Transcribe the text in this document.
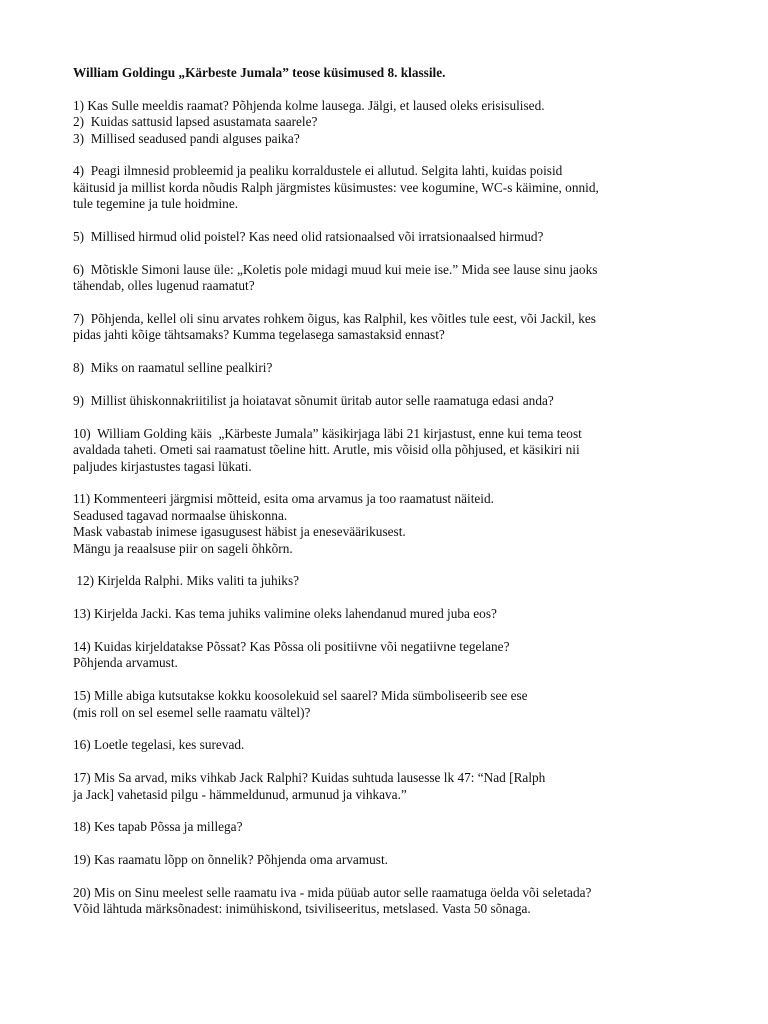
William Goldingu „Kärbeste Jumala” teose küsimused 8. klassile.
1) Kas Sulle meeldis raamat? Põhjenda kolme lausega. Jälgi, et laused oleks erisisulised.
2)  Kuidas sattusid lapsed asustamata saarele?
3)  Millised seadused pandi alguses paika?
4)  Peagi ilmnesid probleemid ja pealiku korraldustele ei allutud. Selgita lahti, kuidas poisid
käitusid ja millist korda nõudis Ralph järgmistes küsimustes: vee kogumine, WC-s käimine, onnid,
tule tegemine ja tule hoidmine.
5)  Millised hirmud olid poistel? Kas need olid ratsionaalsed või irratsionaalsed hirmud?
6)  Mõtiskle Simoni lause üle: „Koletis pole midagi muud kui meie ise.” Mida see lause sinu jaoks
tähendab, olles lugenud raamatut?
7)  Põhjenda, kellel oli sinu arvates rohkem õigus, kas Ralphil, kes võitles tule eest, või Jackil, kes
pidas jahti kõige tähtsamaks? Kumma tegelasega samastaksid ennast?
8)  Miks on raamatul selline pealkiri?
9)  Millist ühiskonnakriitilist ja hoiatavat sõnumit üritab autor selle raamatuga edasi anda?
10)  William Golding käis  „Kärbeste Jumala” käsikirjaga läbi 21 kirjastust, enne kui tema teost
avaldada taheti. Ometi sai raamatust tõeline hitt. Arutle, mis võisid olla põhjused, et käsikiri nii
paljudes kirjastustes tagasi lükati.
11) Kommenteeri järgmisi mõtteid, esita oma arvamus ja too raamatust näiteid.
Seadused tagavad normaalse ühiskonna.
Mask vabastab inimese igasugusest häbist ja eneseväärikusest.
Mängu ja reaalsuse piir on sageli õhkõrn.
12) Kirjelda Ralphi. Miks valiti ta juhiks?
13) Kirjelda Jacki. Kas tema juhiks valimine oleks lahendanud mured juba eos?
14) Kuidas kirjeldatakse Põssat? Kas Põssa oli positiivne või negatiivne tegelane?
Põhjenda arvamust.
15) Mille abiga kutsutakse kokku koosolekuid sel saarel? Mida sümboliseerib see ese
(mis roll on sel esemel selle raamatu vältel)?
16) Loetle tegelasi, kes surevad.
17) Mis Sa arvad, miks vihkab Jack Ralphi? Kuidas suhtuda lausesse lk 47: “Nad [Ralph
ja Jack] vahetasid pilgu - hämmeldunud, armunud ja vihkava.”
18) Kes tapab Põssa ja millega?
19) Kas raamatu lõpp on õnnelik? Põhjenda oma arvamust.
20) Mis on Sinu meelest selle raamatu iva - mida püüab autor selle raamatuga öelda või seletada?
Võid lähtuda märksõnadest: inimühiskond, tsiviliseeritus, metslased. Vasta 50 sõnaga.
